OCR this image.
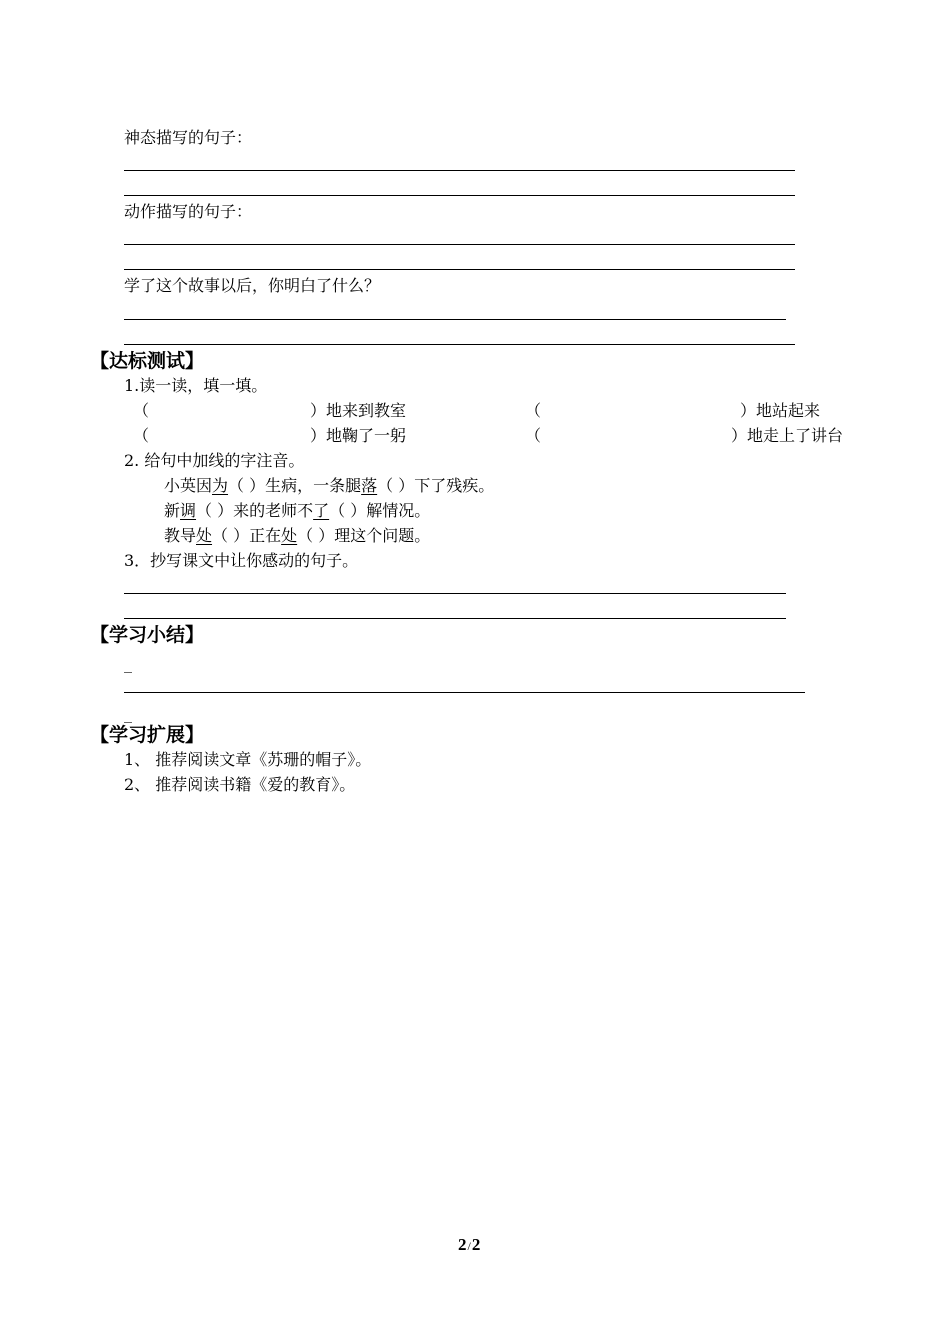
神态描写的句子：
动作描写的句子：
学了这个故事以后，你明白了什么？
【达标测试】
1.读一读，填一填。
（	）地来到教室	（	）地站起来
（	）地鞠了一躬	（	）地走上了讲台
2. 给句中加线的字注音。
小英因为（ ）生病，一条腿落（ ）下了残疾。
新调（ ）来的老师不了（ ）解情况。
教导处（ ）正在处（ ）理这个问题。
3．抄写课文中让你感动的句子。
【学习小结】
_
_
【学习扩展】
1、 推荐阅读文章《苏珊的帽子》。
2、 推荐阅读书籍《爱的教育》。
2/2
